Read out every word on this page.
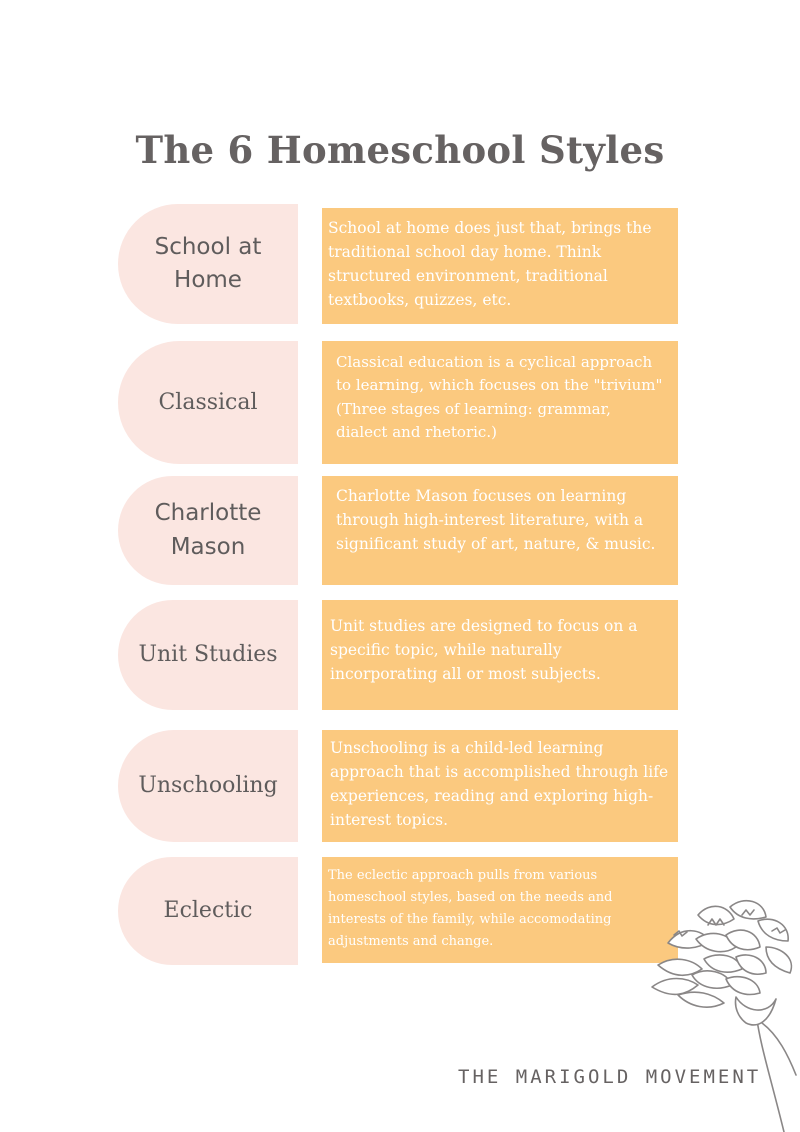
The 6 Homeschool Styles
School at Home
School at home does just that, brings the traditional school day home. Think structured environment, traditional textbooks, quizzes, etc.
Classical
Classical education is a cyclical approach to learning, which focuses on the "trivium" (Three stages of learning: grammar, dialect and rhetoric.)
Charlotte Mason
Charlotte Mason focuses on learning through high-interest literature, with a significant study of art, nature, & music.
Unit Studies
Unit studies are designed to focus on a specific topic, while naturally incorporating all or most subjects.
Unschooling
Unschooling is a child-led learning approach that is accomplished through life experiences, reading and exploring high-interest topics.
Eclectic
The eclectic approach pulls from various homeschool styles, based on the needs and interests of the family, while accomodating adjustments and change.
THE MARIGOLD MOVEMENT
